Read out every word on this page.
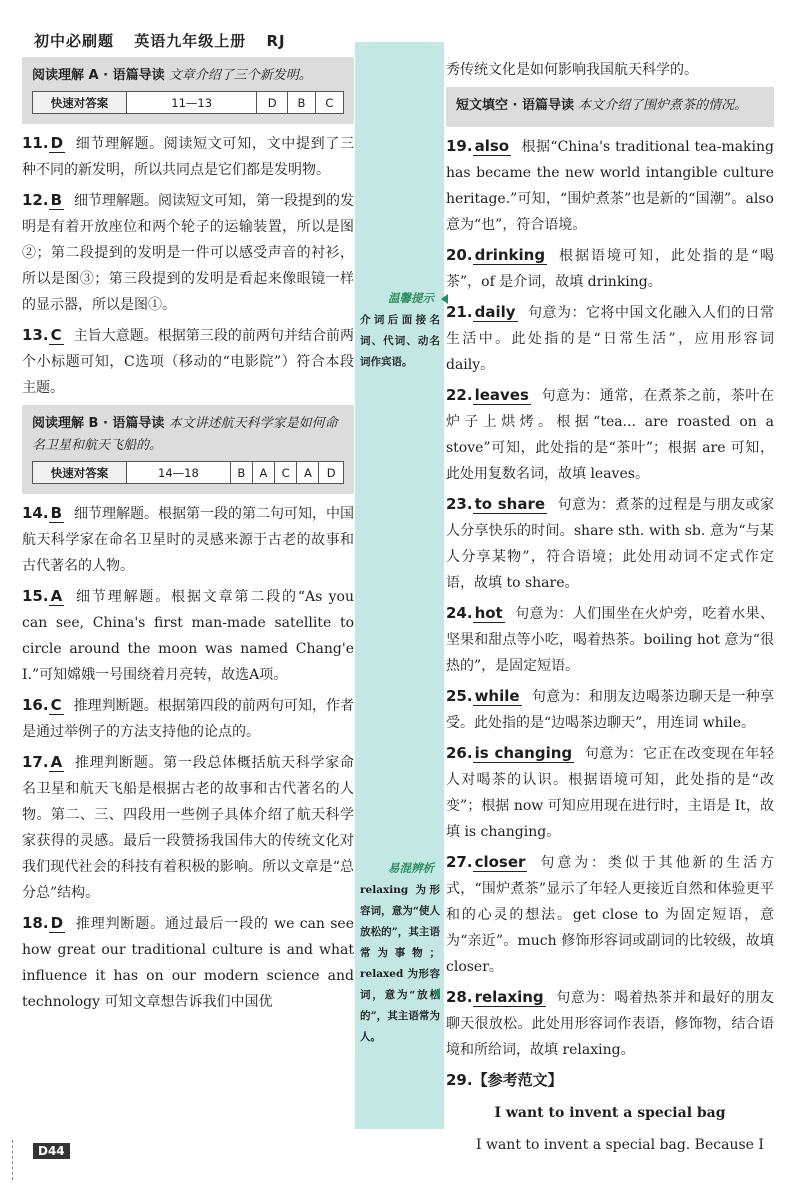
初中必刷题 英语九年级上册 RJ
温馨提示
介词后面接名词、代词、动名词作宾语。
易混辨析
relaxing 为形容词，意为“使人放松的”，其主语常为事物；relaxed 为形容词，意为“放松的”，其主语常为人。
阅读理解 A · 语篇导读 文章介绍了三个新发明。
快速对答案	11—13	D	B	C
11. D 细节理解题。阅读短文可知，文中提到了三种不同的新发明，所以共同点是它们都是发明物。
12. B 细节理解题。阅读短文可知，第一段提到的发明是有着开放座位和两个轮子的运输装置，所以是图②；第二段提到的发明是一件可以感受声音的衬衫，所以是图③；第三段提到的发明是看起来像眼镜一样的显示器，所以是图①。
13. C 主旨大意题。根据第三段的前两句并结合前两个小标题可知，C选项（移动的“电影院”）符合本段主题。
阅读理解 B · 语篇导读 本文讲述航天科学家是如何命名卫星和航天飞船的。
快速对答案	14—18	B	A	C	A	D
14. B 细节理解题。根据第一段的第二句可知，中国航天科学家在命名卫星时的灵感来源于古老的故事和古代著名的人物。
15. A 细节理解题。根据文章第二段的“As you can see, China's first man-made satellite to circle around the moon was named Chang'e Ⅰ.”可知嫦娥一号围绕着月亮转，故选A项。
16. C 推理判断题。根据第四段的前两句可知，作者是通过举例子的方法支持他的论点的。
17. A 推理判断题。第一段总体概括航天科学家命名卫星和航天飞船是根据古老的故事和古代著名的人物。第二、三、四段用一些例子具体介绍了航天科学家获得的灵感。最后一段赞扬我国伟大的传统文化对我们现代社会的科技有着积极的影响。所以文章是“总分总”结构。
18. D 推理判断题。通过最后一段的 we can see how great our traditional culture is and what influence it has on our modern science and technology 可知文章想告诉我们中国优
秀传统文化是如何影响我国航天科学的。
短文填空 · 语篇导读 本文介绍了围炉煮茶的情况。
19. also 根据“China's traditional tea-making has became the new world intangible culture heritage.”可知，“围炉煮茶”也是新的“国潮”。also 意为“也”，符合语境。
20. drinking 根据语境可知，此处指的是“喝茶”，of 是介词，故填 drinking。
21. daily 句意为：它将中国文化融入人们的日常生活中。此处指的是“日常生活”，应用形容词 daily。
22. leaves 句意为：通常，在煮茶之前，茶叶在炉子上烘烤。根据“tea... are roasted on a stove”可知，此处指的是“茶叶”；根据 are 可知，此处用复数名词，故填 leaves。
23. to share 句意为：煮茶的过程是与朋友或家人分享快乐的时间。share sth. with sb. 意为“与某人分享某物”，符合语境；此处用动词不定式作定语，故填 to share。
24. hot 句意为：人们围坐在火炉旁，吃着水果、坚果和甜点等小吃，喝着热茶。boiling hot 意为“很热的”，是固定短语。
25. while 句意为：和朋友边喝茶边聊天是一种享受。此处指的是“边喝茶边聊天”，用连词 while。
26. is changing 句意为：它正在改变现在年轻人对喝茶的认识。根据语境可知，此处指的是“改变”；根据 now 可知应用现在进行时，主语是 It，故填 is changing。
27. closer 句意为：类似于其他新的生活方式，“围炉煮茶”显示了年轻人更接近自然和体验更平和的心灵的想法。get close to 为固定短语，意为“亲近”。much 修饰形容词或副词的比较级，故填 closer。
28. relaxing 句意为：喝着热茶并和最好的朋友聊天很放松。此处用形容词作表语，修饰物，结合语境和所给词，故填 relaxing。
29.【参考范文】
I want to invent a special bag
I want to invent a special bag. Because I
D44
